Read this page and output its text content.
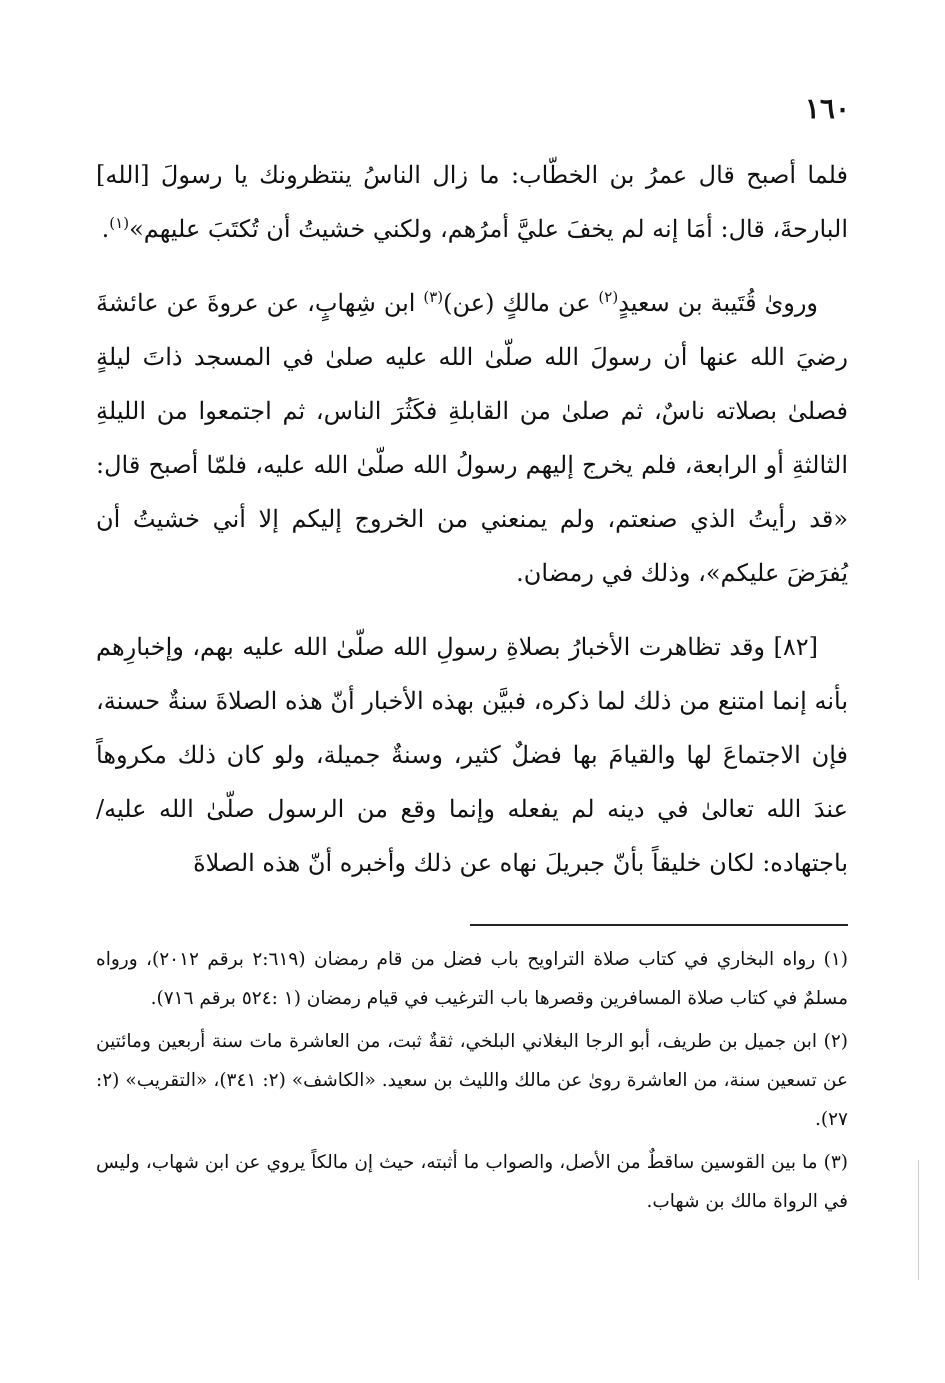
١٦٠

فلما أصبح قال عمرُ بن الخطّاب: ما زال الناسُ ينتظرونك يا رسولَ [الله] البارحةَ، قال: أمَا إنه لم يخفَ عليَّ أمرُهم، ولكني خشيتُ أن تُكتَبَ عليهم»$^{(١)}$.

وروىٰ قُتَيبة بن سعيدٍ$^{(٢)}$ عن مالكٍ (عن)$^{(٣)}$ ابن شِهابٍ، عن عروةَ عن عائشةَ رضيَ الله عنها أن رسولَ الله صلّىٰ الله عليه صلىٰ في المسجد ذاتَ ليلةٍ فصلىٰ بصلاته ناسٌ، ثم صلىٰ من القابلةِ فكَثُرَ الناس، ثم اجتمعوا من الليلةِ الثالثةِ أو الرابعة، فلم يخرج إليهم رسولُ الله صلّىٰ الله عليه، فلمّا أصبح قال: «قد رأيتُ الذي صنعتم، ولم يمنعني من الخروج إليكم إلا أني خشيتُ أن يُفرَضَ عليكم»، وذلك في رمضان.

[٨٢] وقد تظاهرت الأخبارُ بصلاةِ رسولِ الله صلّىٰ الله عليه بهم، وإخبارِهم بأنه إنما امتنع من ذلك لما ذكره، فبيَّن بهذه الأخبار أنّ هذه الصلاةَ سنةٌ حسنة، فإن الاجتماعَ لها والقيامَ بها فضلٌ كثير، وسنةٌ جميلة، ولو كان ذلك مكروهاً عندَ الله تعالىٰ في دينه لم يفعله وإنما وقع من الرسول صلّىٰ الله عليه/ باجتهاده: لكان خليقاً بأنّ جبريلَ نهاه عن ذلك وأخبره أنّ هذه الصلاةَ

(١) رواه البخاري في كتاب صلاة التراويح باب فضل من قام رمضان (٢:٦١٩ برقم ٢٠١٢)، ورواه مسلمٌ في كتاب صلاة المسافرين وقصرها باب الترغيب في قيام رمضان (١ :٥٢٤ برقم ٧١٦).

(٢) ابن جميل بن طريف، أبو الرجا البغلاني البلخي، ثقةٌ ثبت، من العاشرة مات سنة أربعين ومائتين عن تسعين سنة، من العاشرة روىٰ عن مالك والليث بن سعيد. «الكاشف» (٢: ٣٤١)، «التقريب» (٢: ٢٧).

(٣) ما بين القوسين ساقطٌ من الأصل، والصواب ما أثبته، حيث إن مالكاً يروي عن ابن شهاب، وليس في الرواة مالك بن شهاب.
